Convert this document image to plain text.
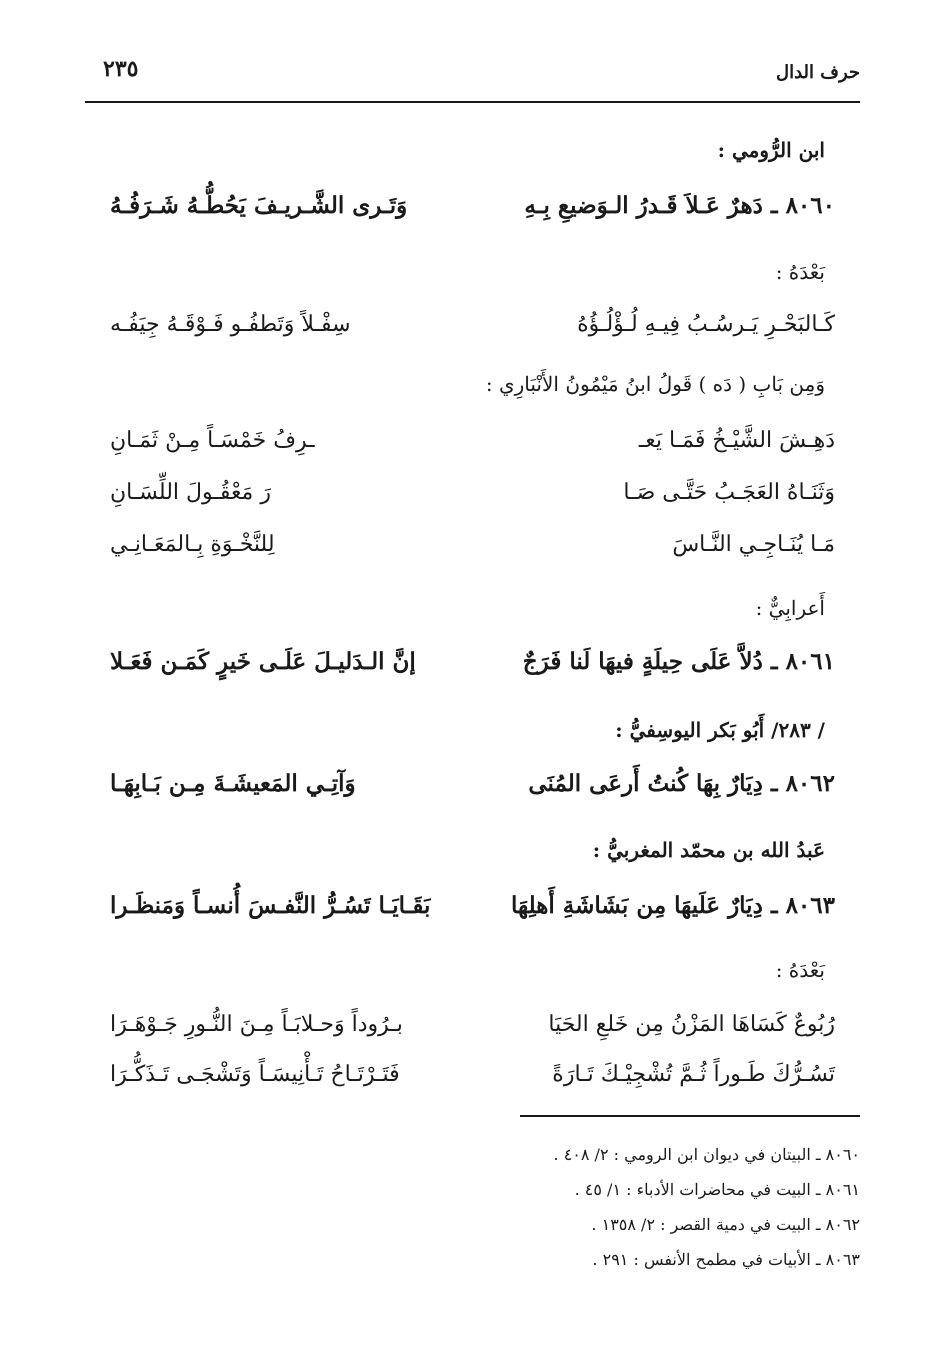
حرف الدال
٢٣٥
ابن الرُّومي :
٨٠٦٠ ـ دَهرٌ عَـلاَ قَـدرُ الـوَضيعِ بِـهِ
وَتَـرى الشَّـريـفَ يَحُطُّـهُ شَـرَفُـهُ
بَعْدَهُ :
كَـالبَحْـرِ يَـرسُـبُ فِيـهِ لُـؤْلُـؤُهُ
سِفْـلاً وَتَطفُـو فَـوْقَـهُ جِيَفُـه
وَمِن بَابِ ( دَه ) قَولُ ابنُ مَيْمُونُ الأَنْبَارِي :
دَهِـشَ الشَّيْـخُ فَمَـا يَعـ
ـرِفُ خَمْسَـاً مِـنْ ثَمَـانِ
وَثَنَـاهُ العَجَـبُ حَتَّـى صَـا
رَ مَعْقُـولَ اللِّسَـانِ
مَـا يُنَـاجِـي النَّـاسَ
لِلنَّخْـوَةِ بِـالمَعَـانِـي
أَعرابِيٌّ :
٨٠٦١ ـ دُلاَّ عَلَى حِيلَةٍ فيهَا لَنا فَرَجٌ
إنَّ الـدَليـلَ عَلَـى خَيرٍ كَمَـن فَعَـلا
/ ٢٨٣/ أَبُو بَكر اليوسِفيُّ :
٨٠٦٢ ـ دِيَارٌ بِهَا كُنتُ أَرعَى المُنَى
وَآتِـي المَعيشَـةَ مِـن بَـابِهَـا
عَبدُ الله بن محمّد المغربيُّ :
٨٠٦٣ ـ دِيَارٌ عَلَيهَا مِن بَشَاشَةِ أَهلِهَا
بَقَـايَـا تَسُـرُّ النَّفـسَ أُنسـاً وَمَنظَـرا
بَعْدَهُ :
رُبُوعٌ كَسَاهَا المَزْنُ مِن خَلعِ الحَيَا
بـرُوداً وَحـلابَـاً مِـنَ النُّـورِ جَـوْهَـرَا
تَسُـرُّكَ طَـوراً ثُـمَّ تُشْجِيْـكَ تَـارَةً
فَتَـرْتَـاحُ تَـأْنِيسَـاً وَتَشْجَـى تَـذَكُّـرَا
٨٠٦٠ ـ البيتان في ديوان ابن الرومي : ٢/ ٤٠٨ .
٨٠٦١ ـ البيت في محاضرات الأدباء : ١/ ٤٥ .
٨٠٦٢ ـ البيت في دمية القصر : ٢/ ١٣٥٨ .
٨٠٦٣ ـ الأبيات في مطمح الأنفس : ٢٩١ .
